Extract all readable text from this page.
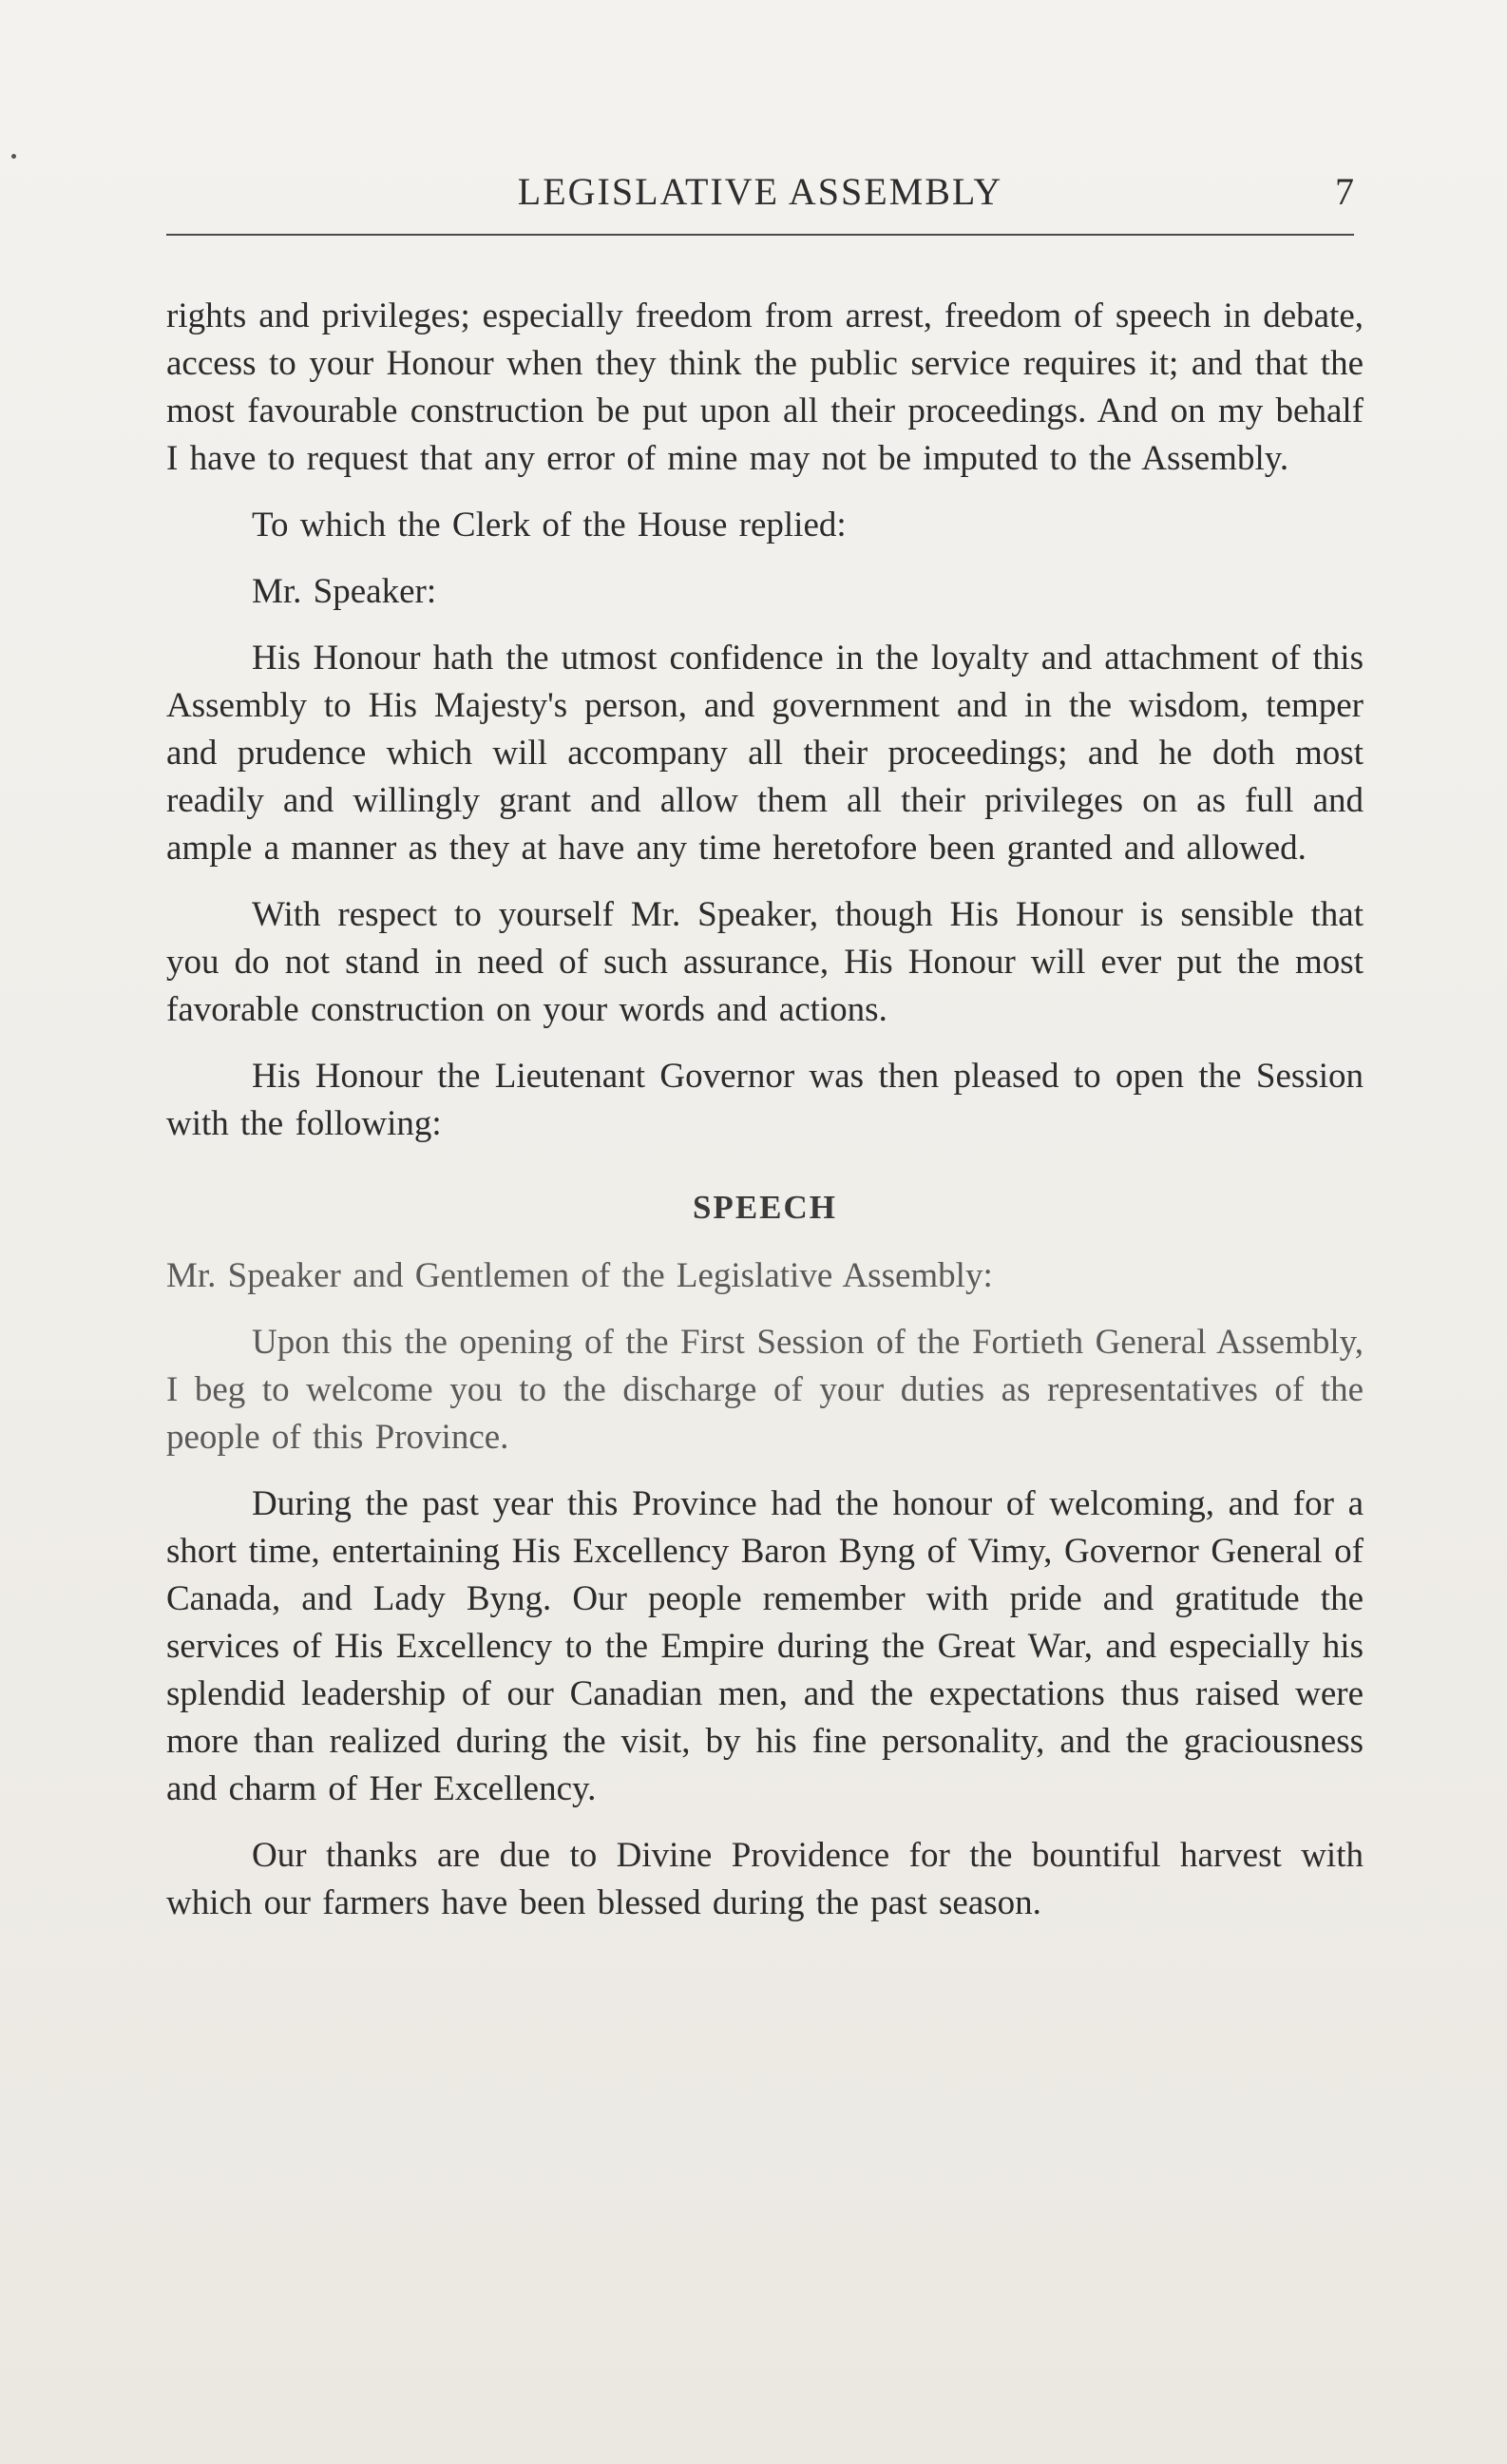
LEGISLATIVE ASSEMBLY	7

rights and privileges; especially freedom from arrest, freedom of speech in debate, access to your Honour when they think the public service requires it; and that the most favourable construction be put upon all their proceedings. And on my behalf I have to request that any error of mine may not be imputed to the Assembly.

To which the Clerk of the House replied:

Mr. Speaker:

His Honour hath the utmost confidence in the loyalty and attachment of this Assembly to His Majesty's person, and government and in the wisdom, temper and prudence which will accompany all their proceedings; and he doth most readily and willingly grant and allow them all their privileges on as full and ample a manner as they at have any time heretofore been granted and allowed.

With respect to yourself Mr. Speaker, though His Honour is sensible that you do not stand in need of such assurance, His Honour will ever put the most favorable construction on your words and actions.

His Honour the Lieutenant Governor was then pleased to open the Session with the following:

SPEECH

Mr. Speaker and Gentlemen of the Legislative Assembly:

Upon this the opening of the First Session of the Fortieth General Assembly, I beg to welcome you to the discharge of your duties as representatives of the people of this Province.

During the past year this Province had the honour of welcoming, and for a short time, entertaining His Excellency Baron Byng of Vimy, Governor General of Canada, and Lady Byng. Our people remember with pride and gratitude the services of His Excellency to the Empire during the Great War, and especially his splendid leadership of our Canadian men, and the expectations thus raised were more than realized during the visit, by his fine personality, and the graciousness and charm of Her Excellency.

Our thanks are due to Divine Providence for the bountiful harvest with which our farmers have been blessed during the past season.
